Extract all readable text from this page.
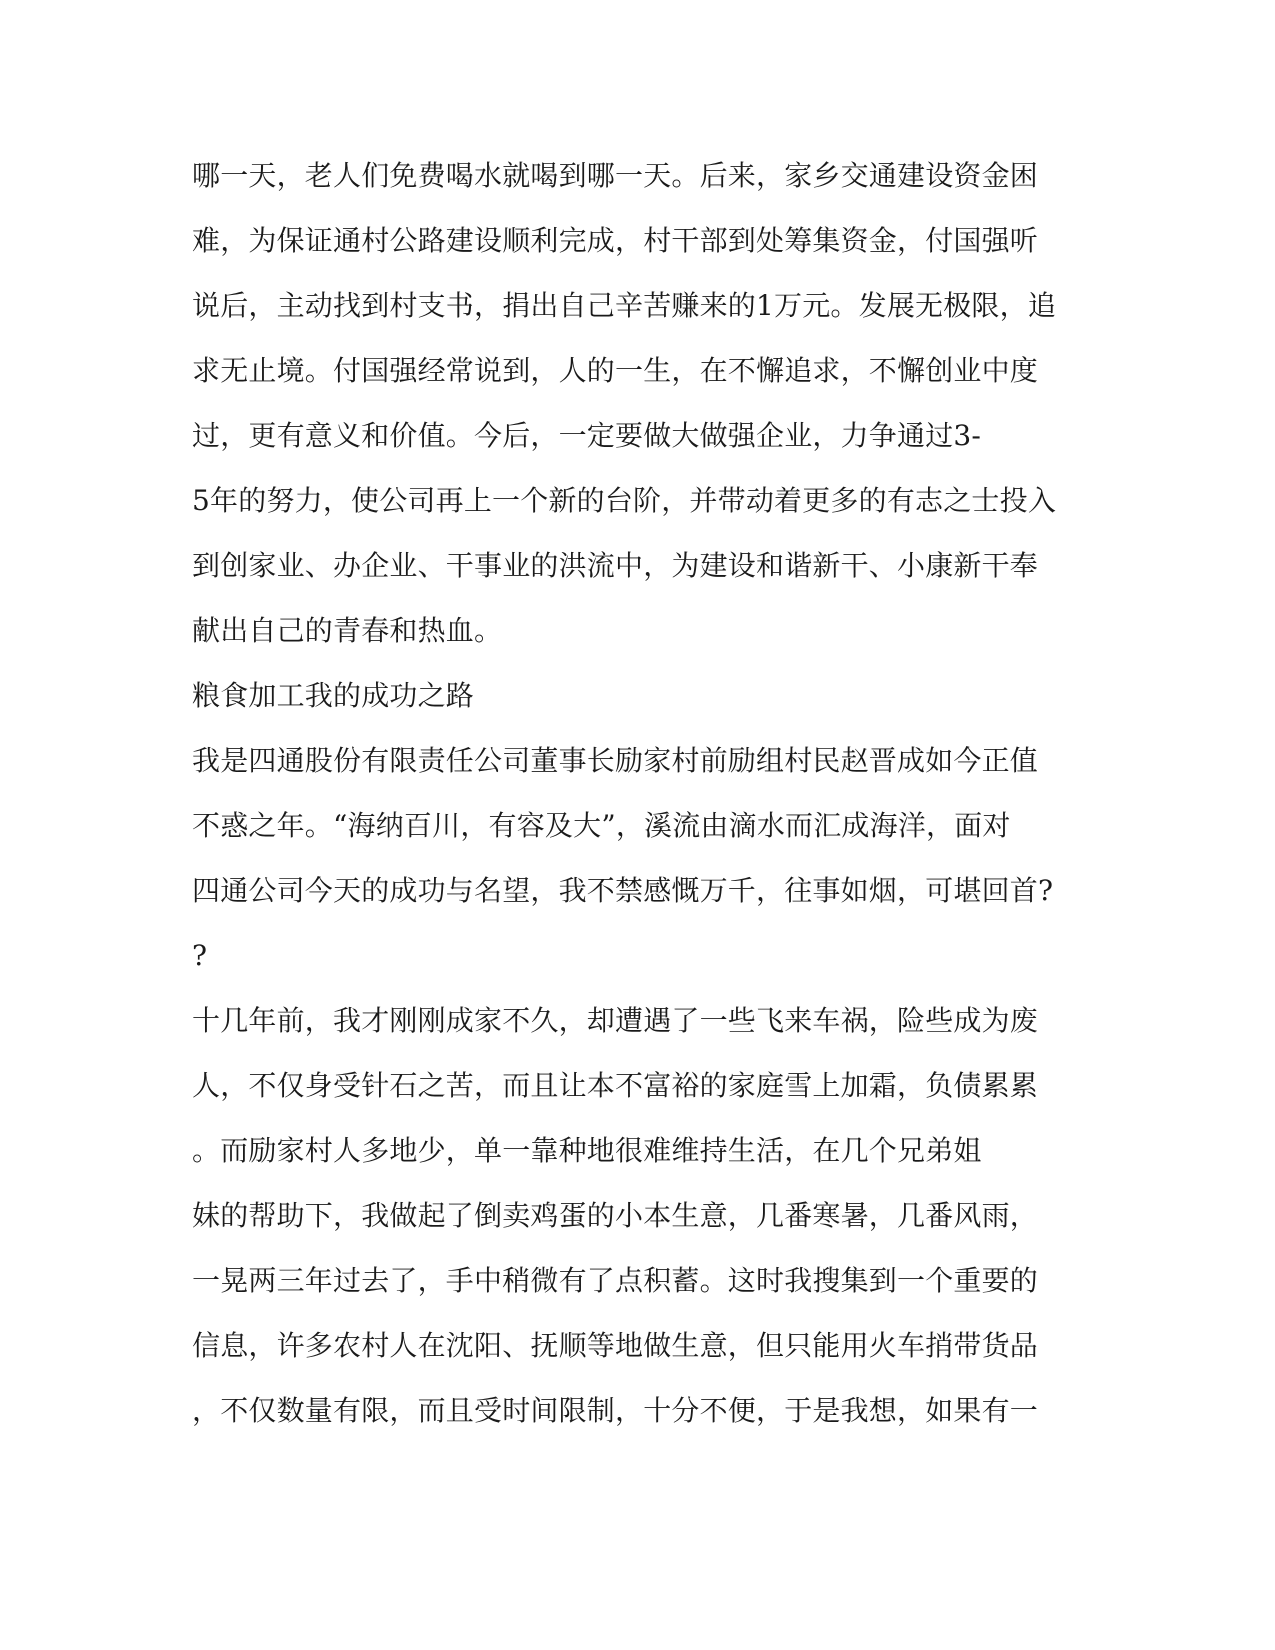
哪一天，老人们免费喝水就喝到哪一天。后来，家乡交通建设资金困
难，为保证通村公路建设顺利完成，村干部到处筹集资金，付国强听
说后，主动找到村支书，捐出自己辛苦赚来的1万元。发展无极限，追
求无止境。付国强经常说到，人的一生，在不懈追求，不懈创业中度
过，更有意义和价值。今后，一定要做大做强企业，力争通过3-
5年的努力，使公司再上一个新的台阶，并带动着更多的有志之士投入
到创家业、办企业、干事业的洪流中，为建设和谐新干、小康新干奉
献出自己的青春和热血。
粮食加工我的成功之路
我是四通股份有限责任公司董事长励家村前励组村民赵晋成如今正值
不惑之年。“海纳百川，有容及大”，溪流由滴水而汇成海洋，面对
四通公司今天的成功与名望，我不禁感慨万千，往事如烟，可堪回首?
?
十几年前，我才刚刚成家不久，却遭遇了一些飞来车祸，险些成为废
人，不仅身受针石之苦，而且让本不富裕的家庭雪上加霜，负债累累
。而励家村人多地少，单一靠种地很难维持生活，在几个兄弟姐
妹的帮助下，我做起了倒卖鸡蛋的小本生意，几番寒暑，几番风雨，
一晃两三年过去了，手中稍微有了点积蓄。这时我搜集到一个重要的
信息，许多农村人在沈阳、抚顺等地做生意，但只能用火车捎带货品
，不仅数量有限，而且受时间限制，十分不便，于是我想，如果有一
